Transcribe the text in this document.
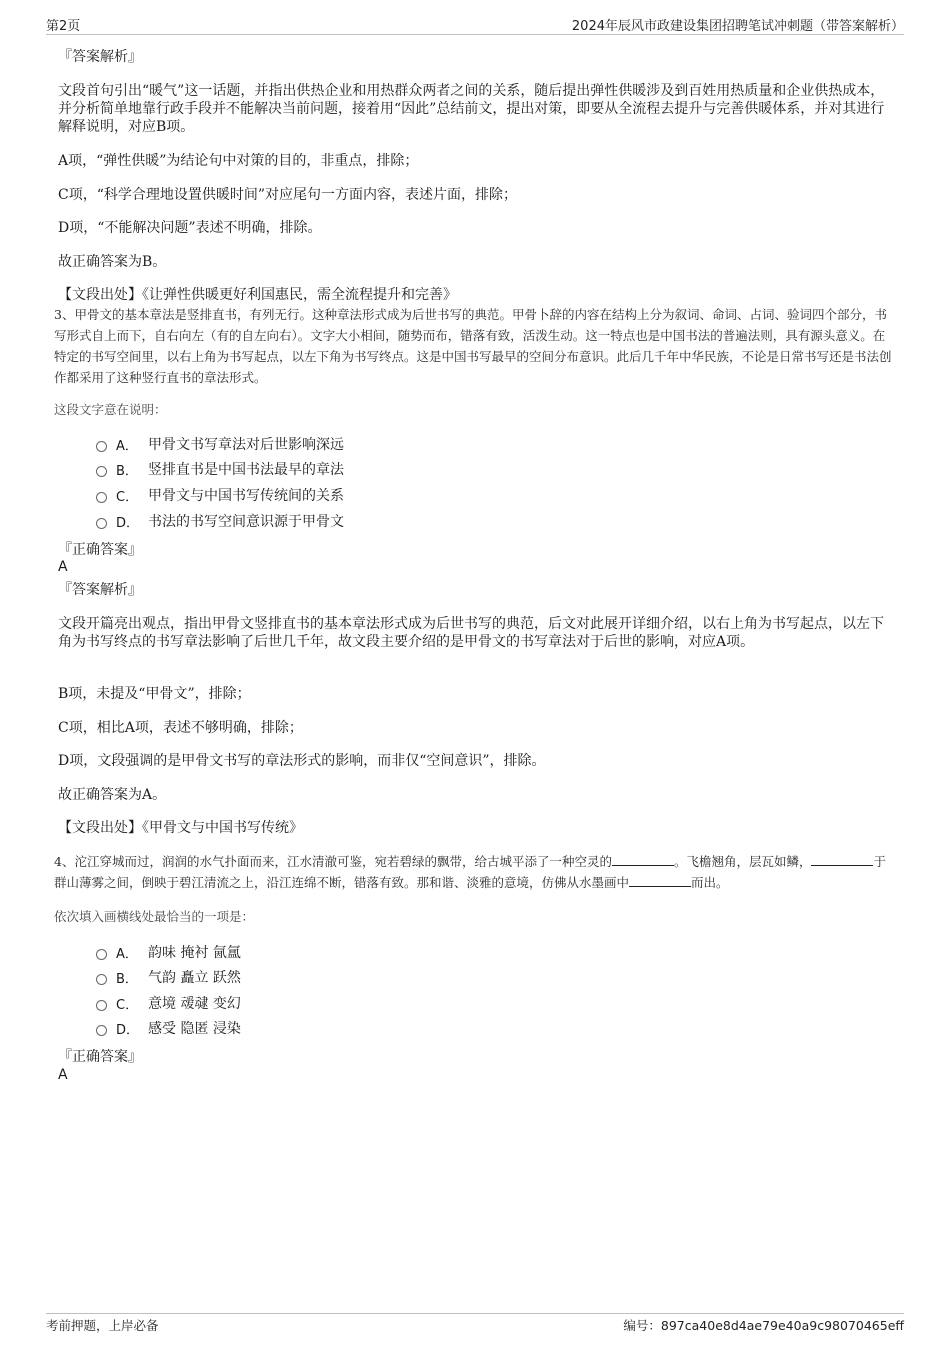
第2页	2024年辰风市政建设集团招聘笔试冲刺题（带答案解析）
『答案解析』
文段首句引出“暖气”这一话题，并指出供热企业和用热群众两者之间的关系，随后提出弹性供暖涉及到百姓用热质量和企业供热成本，并分析简单地靠行政手段并不能解决当前问题，接着用“因此”总结前文，提出对策，即要从全流程去提升与完善供暖体系，并对其进行解释说明，对应B项。
A项，“弹性供暖”为结论句中对策的目的，非重点，排除；
C项，“科学合理地设置供暖时间”对应尾句一方面内容，表述片面，排除；
D项，“不能解决问题”表述不明确，排除。
故正确答案为B。
【文段出处】《让弹性供暖更好利国惠民，需全流程提升和完善》
3、甲骨文的基本章法是竖排直书，有列无行。这种章法形式成为后世书写的典范。甲骨卜辞的内容在结构上分为叙词、命词、占词、验词四个部分，书写形式自上而下，自右向左（有的自左向右）。文字大小相间，随势而布，错落有致，活泼生动。这一特点也是中国书法的普遍法则，具有源头意义。在特定的书写空间里，以右上角为书写起点，以左下角为书写终点。这是中国书写最早的空间分布意识。此后几千年中华民族，不论是日常书写还是书法创作都采用了这种竖行直书的章法形式。
这段文字意在说明：
A． 甲骨文书写章法对后世影响深远
B． 竖排直书是中国书法最早的章法
C． 甲骨文与中国书写传统间的关系
D． 书法的书写空间意识源于甲骨文
『正确答案』
A
『答案解析』
文段开篇亮出观点，指出甲骨文竖排直书的基本章法形式成为后世书写的典范，后文对此展开详细介绍，以右上角为书写起点，以左下角为书写终点的书写章法影响了后世几千年，故文段主要介绍的是甲骨文的书写章法对于后世的影响，对应A项。
B项，未提及“甲骨文”，排除；
C项，相比A项，表述不够明确，排除；
D项，文段强调的是甲骨文书写的章法形式的影响，而非仅“空间意识”，排除。
故正确答案为A。
【文段出处】《甲骨文与中国书写传统》
4、沱江穿城而过，润润的水气扑面而来，江水清澈可鉴，宛若碧绿的飘带，给古城平添了一种空灵的	。飞檐翘角，层瓦如鳞，	于群山薄雾之间，倒映于碧江清流之上，沿江连绵不断，错落有致。那和谐、淡雅的意境，仿佛从水墨画中	而出。
依次填入画横线处最恰当的一项是：
A． 韵味 掩衬 氤氲
B． 气韵 矗立 跃然
C． 意境 叆叇 变幻
D． 感受 隐匿 浸染
『正确答案』
A
考前押题，上岸必备	编号：897ca40e8d4ae79e40a9c98070465eff
